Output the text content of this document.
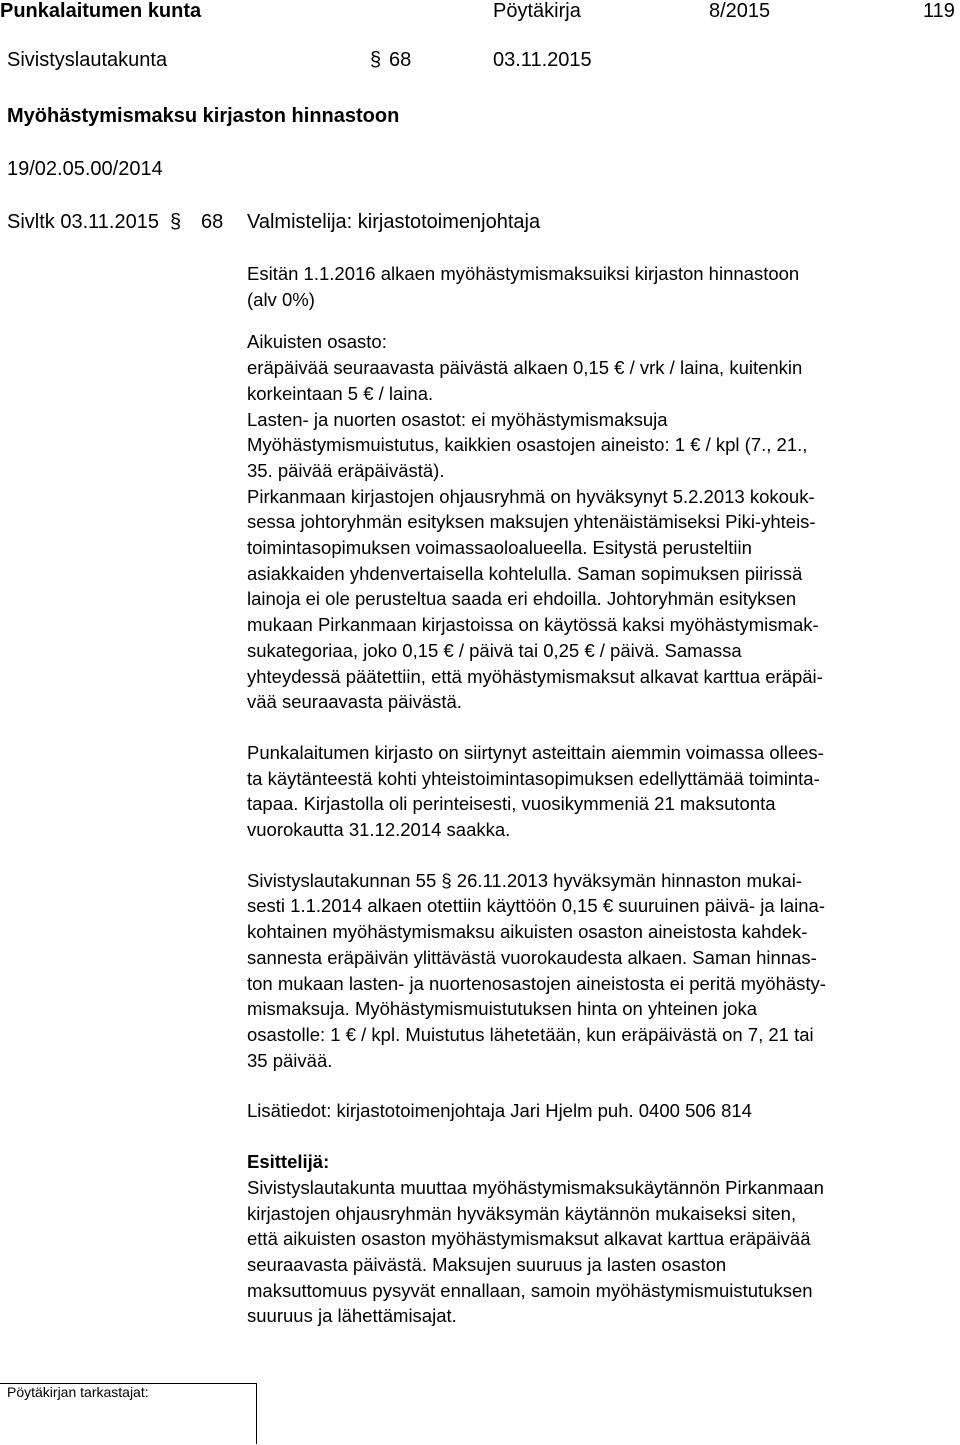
Punkalaitumen kunta	Pöytäkirja	8/2015	119
Sivistyslautakunta	§ 68	03.11.2015
Myöhästymismaksu kirjaston hinnastoon
19/02.05.00/2014
Sivltk 03.11.2015 § 68 Valmistelija: kirjastotoimenjohtaja

Esitän 1.1.2016 alkaen myöhästymismaksuiksi kirjaston hinnastoon

(alv 0%)

Aikuisten osasto:

eräpäivää seuraavasta päivästä alkaen 0,15 € / vrk / laina, kuitenkin

korkeintaan 5 € / laina.

Lasten- ja nuorten osastot: ei myöhästymismaksuja

Myöhästymismuistutus, kaikkien osastojen aineisto: 1 € / kpl (7., 21.,

35. päivää eräpäivästä).

Pirkanmaan kirjastojen ohjausryhmä on hyväksynyt 5.2.2013 kokouk-

sessa johtoryhmän esityksen maksujen yhtenäistämiseksi Piki-yhteis-

toimintasopimuksen voimassaoloalueella. Esitystä perusteltiin

asiakkaiden yhdenvertaisella kohtelulla. Saman sopimuksen piirissä

lainoja ei ole perusteltua saada eri ehdoilla. Johtoryhmän esityksen

mukaan Pirkanmaan kirjastoissa on käytössä kaksi myöhästymismak-

sukategoriaa, joko 0,15 € / päivä tai 0,25 € / päivä. Samassa

yhteydessä päätettiin, että myöhästymismaksut alkavat karttua eräpäi-

vää seuraavasta päivästä.

Punkalaitumen kirjasto on siirtynyt asteittain aiemmin voimassa ollees-

ta käytänteestä kohti yhteistoimintasopimuksen edellyttämää toiminta-

tapaa. Kirjastolla oli perinteisesti, vuosikymmeniä 21 maksutonta

vuorokautta 31.12.2014 saakka.

Sivistyslautakunnan 55 § 26.11.2013 hyväksymän hinnaston mukai-

sesti 1.1.2014 alkaen otettiin käyttöön 0,15 € suuruinen päivä- ja laina-

kohtainen myöhästymismaksu aikuisten osaston aineistosta kahdek-

sannesta eräpäivän ylittävästä vuorokaudesta alkaen. Saman hinnas-

ton mukaan lasten- ja nuortenosastojen aineistosta ei peritä myöhästy-

mismaksuja. Myöhästymismuistutuksen hinta on yhteinen joka

osastolle: 1 € / kpl. Muistutus lähetetään, kun eräpäivästä on 7, 21 tai

35 päivää.

Lisätiedot: kirjastotoimenjohtaja Jari Hjelm puh. 0400 506 814

Esittelijä:

Sivistyslautakunta muuttaa myöhästymismaksukäytännön Pirkanmaan

kirjastojen ohjausryhmän hyväksymän käytännön mukaiseksi siten,

että aikuisten osaston myöhästymismaksut alkavat karttua eräpäivää

seuraavasta päivästä. Maksujen suuruus ja lasten osaston

maksuttomuus pysyvät ennallaan, samoin myöhästymismuistutuksen

suuruus ja lähettämisajat.

Pöytäkirjan tarkastajat:
